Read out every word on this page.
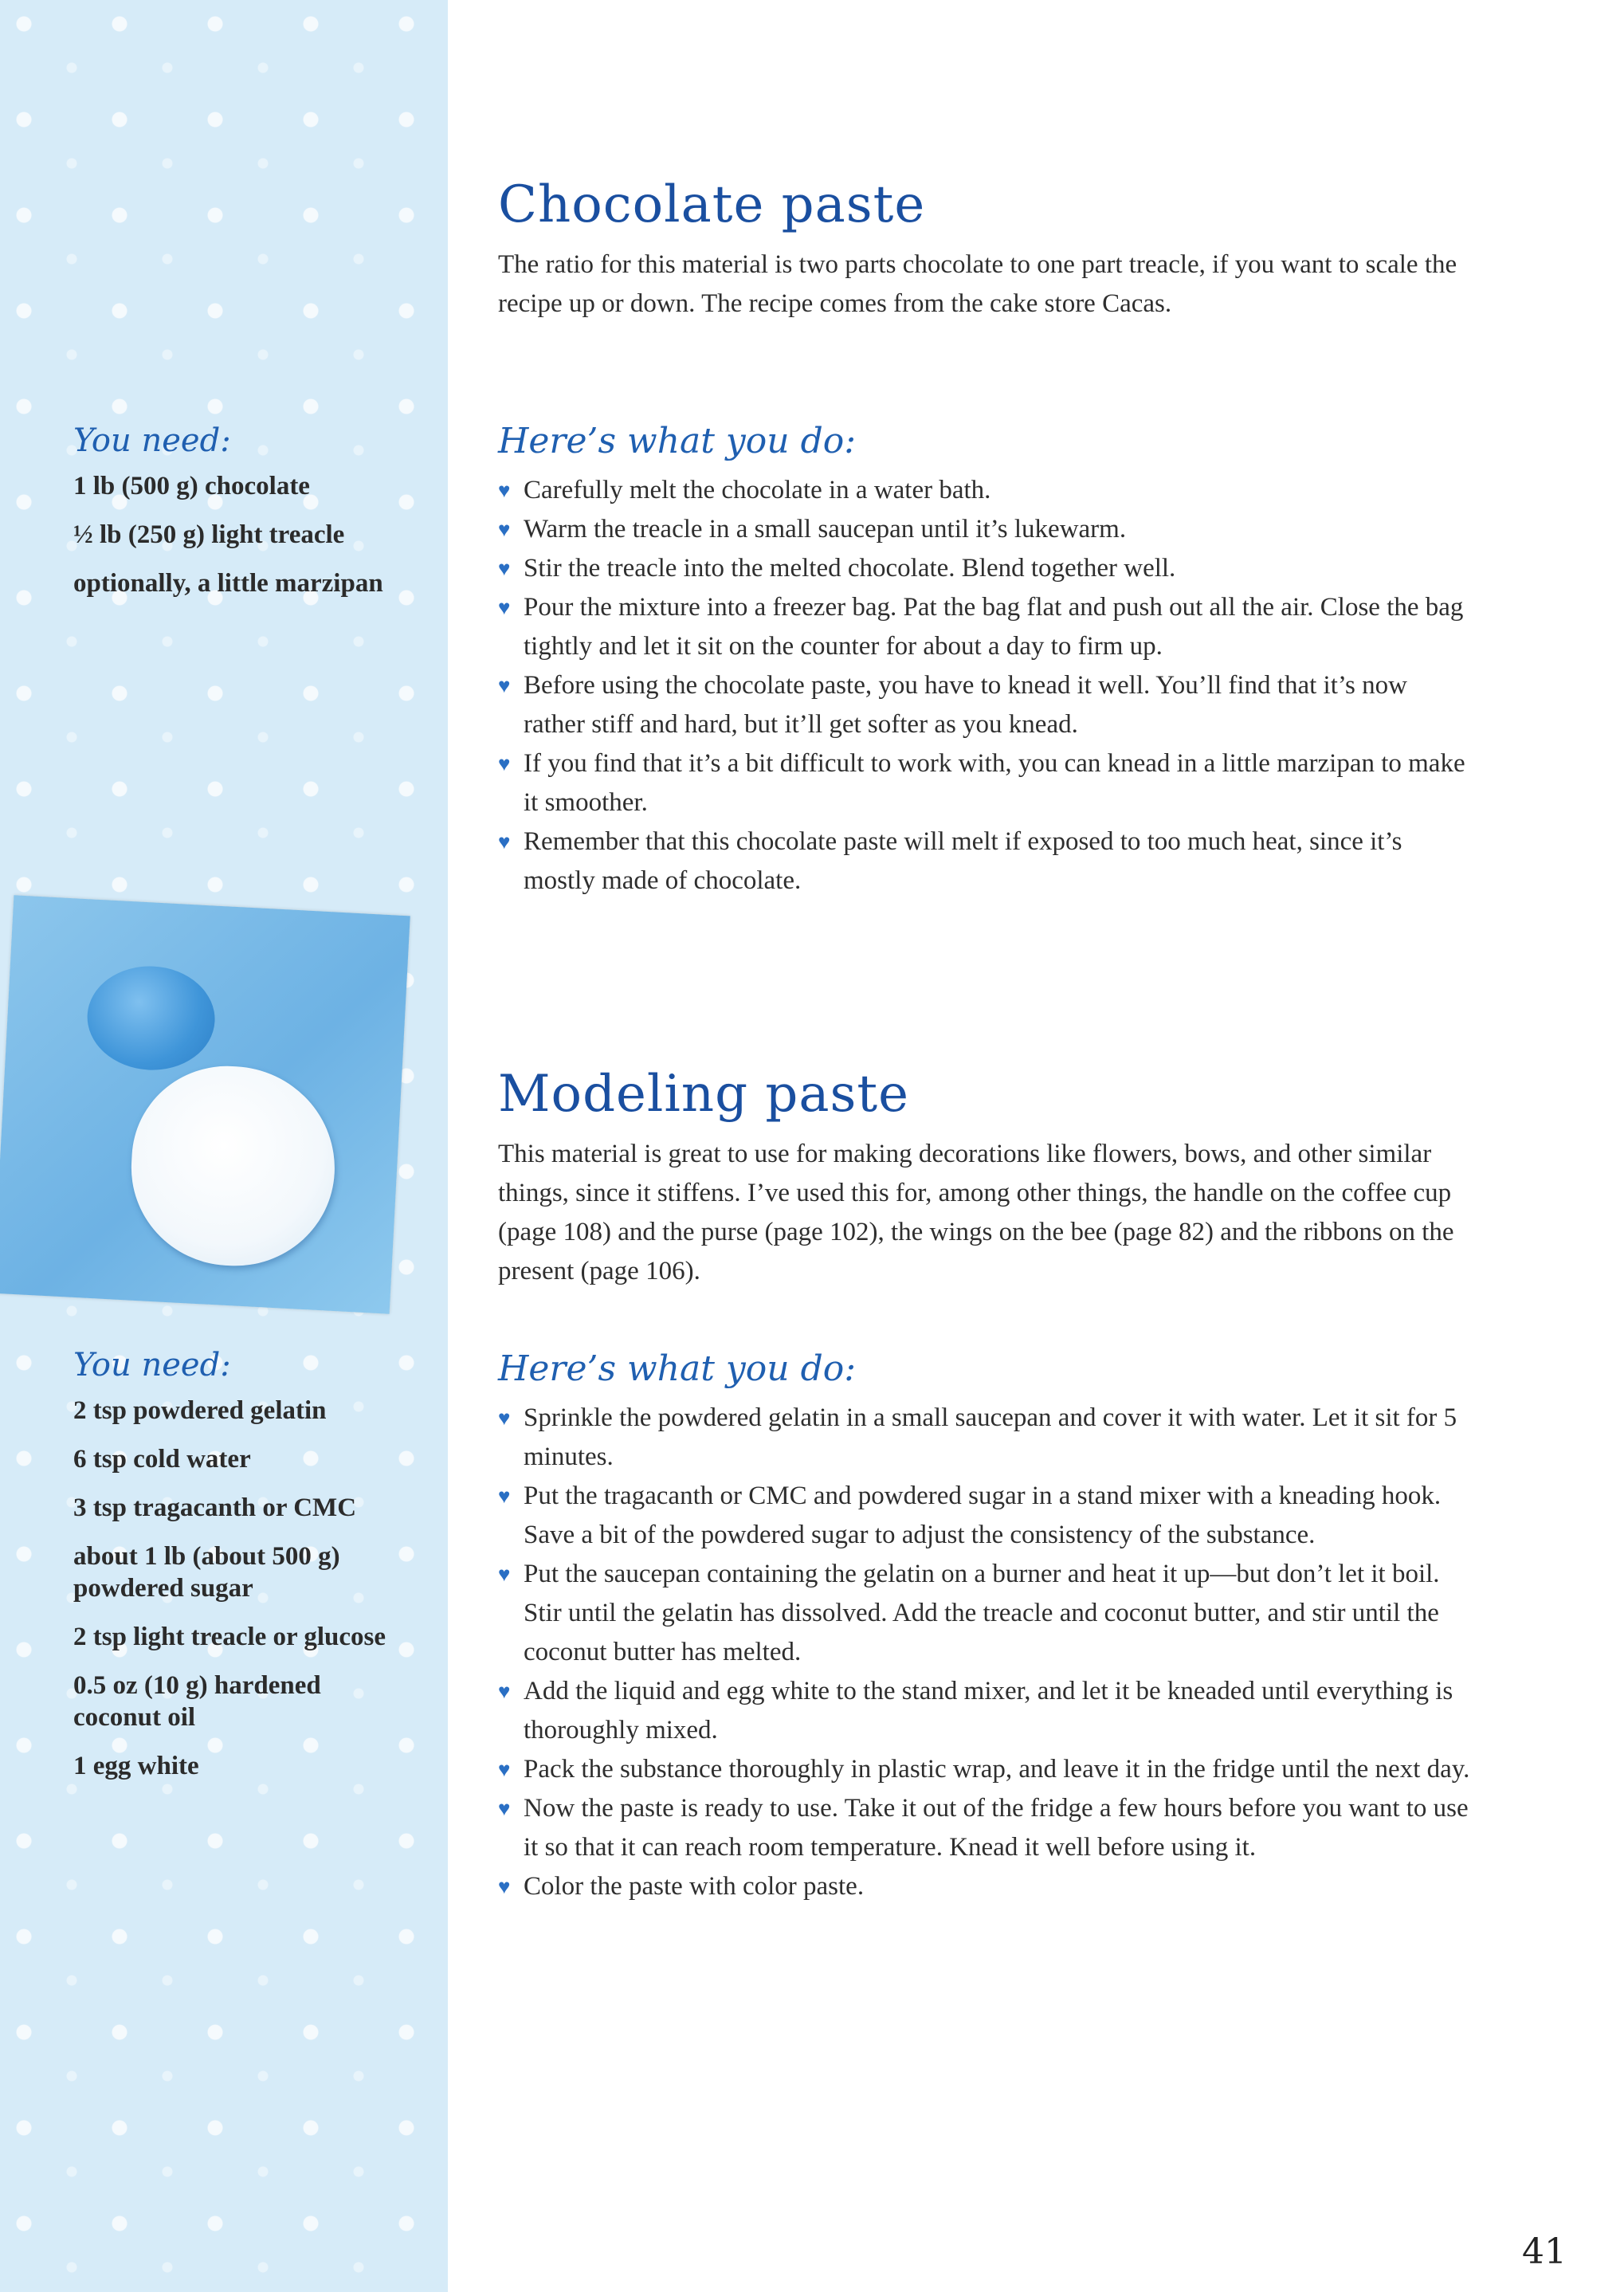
You need:
1 lb (500 g) chocolate
½ lb (250 g) light treacle
optionally, a little marzipan
You need:
2 tsp powdered gelatin
6 tsp cold water
3 tsp tragacanth or CMC
about 1 lb (about 500 g) powdered sugar
2 tsp light treacle or glucose
0.5 oz (10 g) hardened coconut oil
1 egg white
Chocolate paste

The ratio for this material is two parts chocolate to one part treacle, if you want to scale the recipe up or down. The recipe comes from the cake store Cacas.

Here’s what you do:
♥ Carefully melt the chocolate in a water bath.
♥ Warm the treacle in a small saucepan until it’s lukewarm.
♥ Stir the treacle into the melted chocolate. Blend together well.
♥ Pour the mixture into a freezer bag. Pat the bag flat and push out all the air. Close the bag tightly and let it sit on the counter for about a day to firm up.
♥ Before using the chocolate paste, you have to knead it well. You’ll find that it’s now rather stiff and hard, but it’ll get softer as you knead.
♥ If you find that it’s a bit difficult to work with, you can knead in a little marzipan to make it smoother.
♥ Remember that this chocolate paste will melt if exposed to too much heat, since it’s mostly made of chocolate.
Modeling paste

This material is great to use for making decorations like flowers, bows, and other similar things, since it stiffens. I’ve used this for, among other things, the handle on the coffee cup (page 108) and the purse (page 102), the wings on the bee (page 82) and the ribbons on the present (page 106).

Here’s what you do:
♥ Sprinkle the powdered gelatin in a small saucepan and cover it with water. Let it sit for 5 minutes.
♥ Put the tragacanth or CMC and powdered sugar in a stand mixer with a kneading hook. Save a bit of the powdered sugar to adjust the consistency of the substance.
♥ Put the saucepan containing the gelatin on a burner and heat it up—but don’t let it boil. Stir until the gelatin has dissolved. Add the treacle and coconut butter, and stir until the coconut butter has melted.
♥ Add the liquid and egg white to the stand mixer, and let it be kneaded until everything is thoroughly mixed.
♥ Pack the substance thoroughly in plastic wrap, and leave it in the fridge until the next day.
♥ Now the paste is ready to use. Take it out of the fridge a few hours before you want to use it so that it can reach room temperature. Knead it well before using it.
♥ Color the paste with color paste.
41
